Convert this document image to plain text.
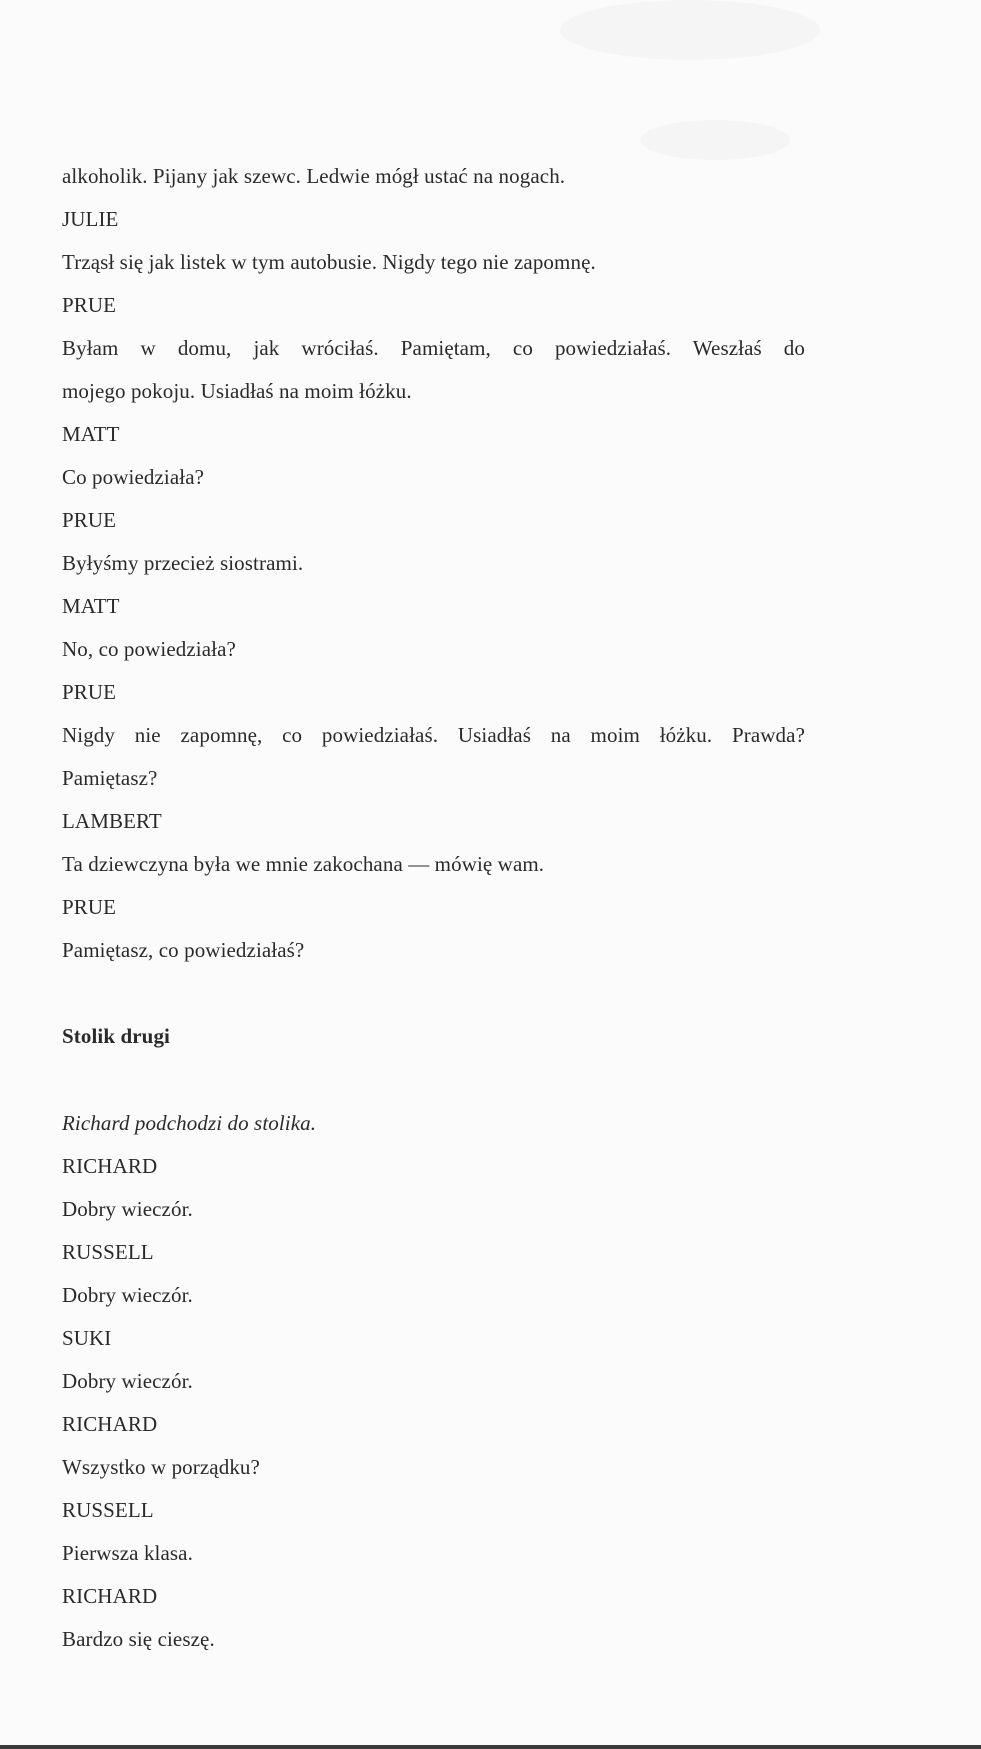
alkoholik. Pijany jak szewc. Ledwie mógł ustać na nogach.
JULIE
Trząsł się jak listek w tym autobusie. Nigdy tego nie zapomnę.
PRUE
Byłam w domu, jak wróciłaś. Pamiętam, co powiedziałaś. Weszłaś do
mojego pokoju. Usiadłaś na moim łóżku.
MATT
Co powiedziała?
PRUE
Byłyśmy przecież siostrami.
MATT
No, co powiedziała?
PRUE
Nigdy nie zapomnę, co powiedziałaś. Usiadłaś na moim łóżku. Prawda?
Pamiętasz?
LAMBERT
Ta dziewczyna była we mnie zakochana — mówię wam.
PRUE
Pamiętasz, co powiedziałaś?
Stolik drugi
Richard podchodzi do stolika.
RICHARD
Dobry wieczór.
RUSSELL
Dobry wieczór.
SUKI
Dobry wieczór.
RICHARD
Wszystko w porządku?
RUSSELL
Pierwsza klasa.
RICHARD
Bardzo się cieszę.
